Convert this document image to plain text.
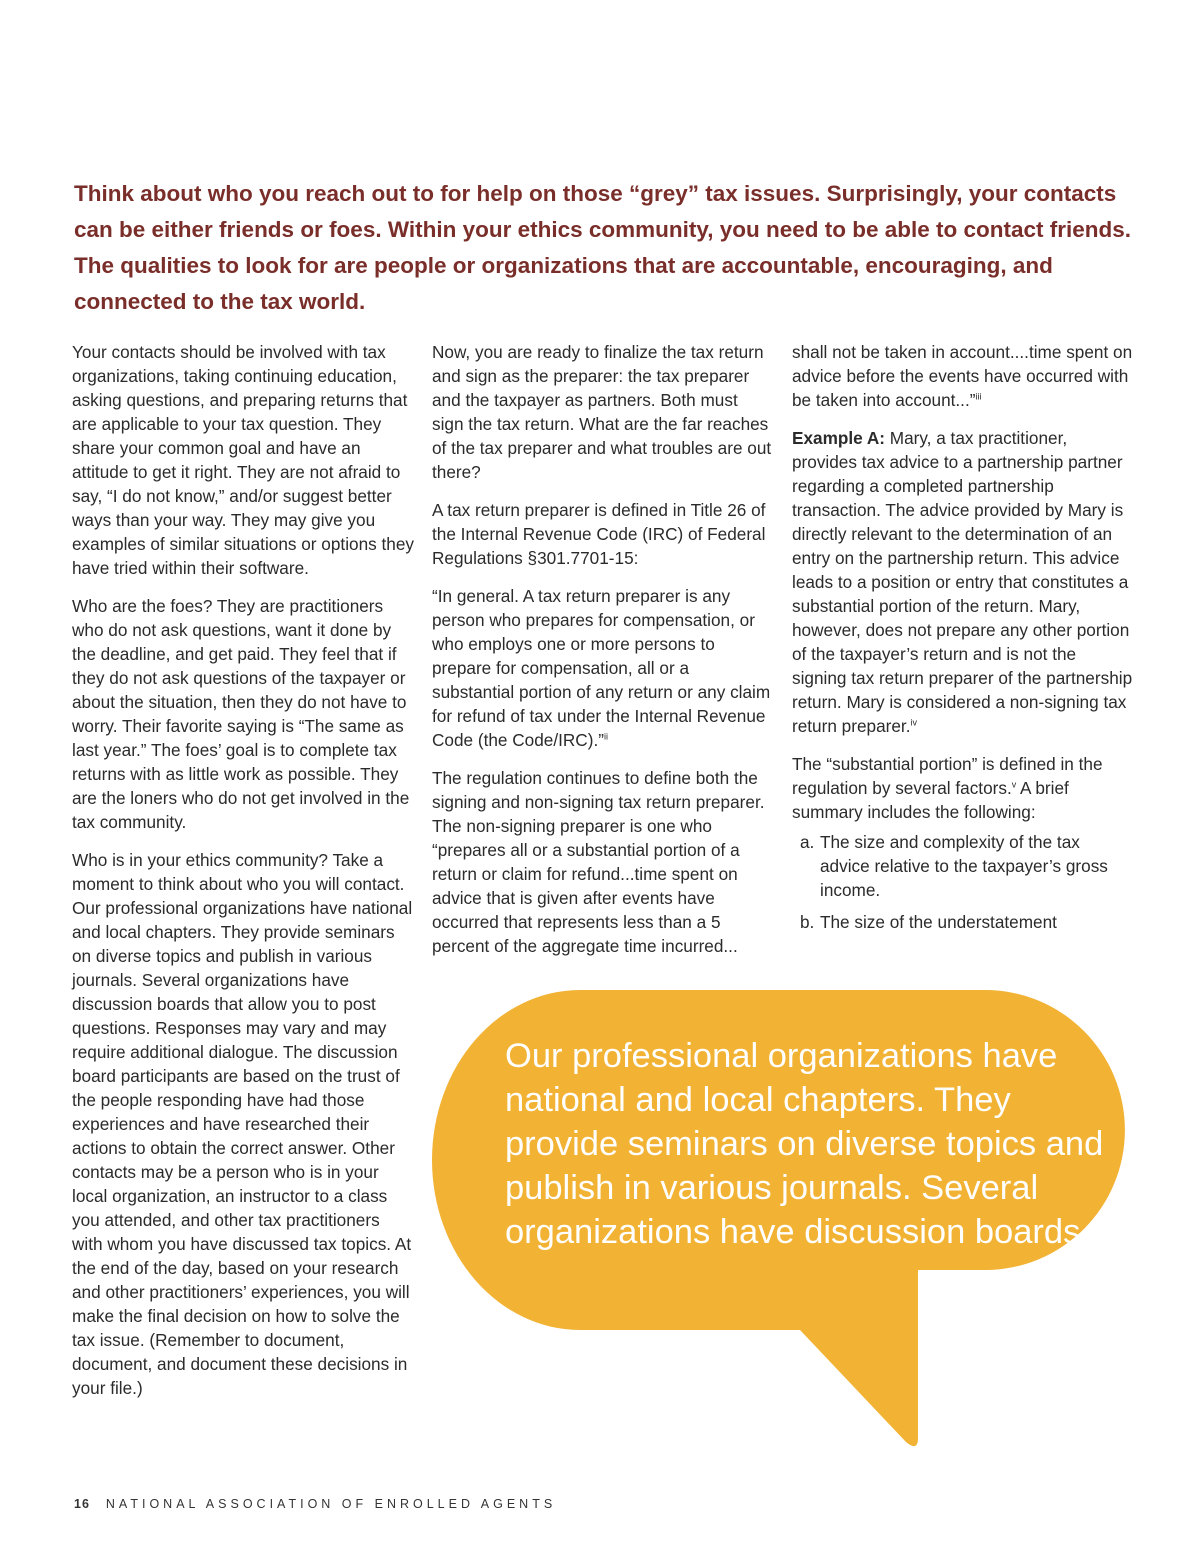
Think about who you reach out to for help on those “grey” tax issues. Surprisingly, your contacts can be either friends or foes. Within your ethics community, you need to be able to contact friends. The qualities to look for are people or organizations that are accountable, encouraging, and connected to the tax world.

Your contacts should be involved with tax organizations, taking continuing education, asking questions, and preparing returns that are applicable to your tax question. They share your common goal and have an attitude to get it right. They are not afraid to say, “I do not know,” and/or suggest better ways than your way. They may give you examples of similar situations or options they have tried within their software.

Who are the foes? They are practitioners who do not ask questions, want it done by the deadline, and get paid. They feel that if they do not ask questions of the taxpayer or about the situation, then they do not have to worry. Their favorite saying is “The same as last year.” The foes’ goal is to complete tax returns with as little work as possible. They are the loners who do not get involved in the tax community.

Who is in your ethics community? Take a moment to think about who you will contact. Our professional organizations have national and local chapters. They provide seminars on diverse topics and publish in various journals. Several organizations have discussion boards that allow you to post questions. Responses may vary and may require additional dialogue. The discussion board participants are based on the trust of the people responding have had those experiences and have researched their actions to obtain the correct answer. Other contacts may be a person who is in your local organization, an instructor to a class you attended, and other tax practitioners with whom you have discussed tax topics. At the end of the day, based on your research and other practitioners’ experiences, you will make the final decision on how to solve the tax issue. (Remember to document, document, and document these decisions in your file.)

Now, you are ready to finalize the tax return and sign as the preparer: the tax preparer and the taxpayer as partners. Both must sign the tax return. What are the far reaches of the tax preparer and what troubles are out there?

A tax return preparer is defined in Title 26 of the Internal Revenue Code (IRC) of Federal Regulations §301.7701-15:

“In general. A tax return preparer is any person who prepares for compensation, or who employs one or more persons to prepare for compensation, all or a substantial portion of any return or any claim for refund of tax under the Internal Revenue Code (the Code/IRC).”$^{ii}$

The regulation continues to define both the signing and non-signing tax return preparer. The non-signing preparer is one who “prepares all or a substantial portion of a return or claim for refund...time spent on advice that is given after events have occurred that represents less than a 5 percent of the aggregate time incurred...

shall not be taken in account....time spent on advice before the events have occurred with be taken into account...”$^{iii}$

Example A: Mary, a tax practitioner, provides tax advice to a partnership partner regarding a completed partnership transaction. The advice provided by Mary is directly relevant to the determination of an entry on the partnership return. This advice leads to a position or entry that constitutes a substantial portion of the return. Mary, however, does not prepare any other portion of the taxpayer’s return and is not the signing tax return preparer of the partnership return. Mary is considered a non-signing tax return preparer.$^{iv}$

The “substantial portion” is defined in the regulation by several factors.$^v$ A brief summary includes the following:

a. The size and complexity of the tax advice relative to the taxpayer’s gross income.
b. The size of the understatement

Our professional organizations have national and local chapters. They provide seminars on diverse topics and publish in various journals. Several organizations have discussion boards.

16 NATIONAL ASSOCIATION OF ENROLLED AGENTS
